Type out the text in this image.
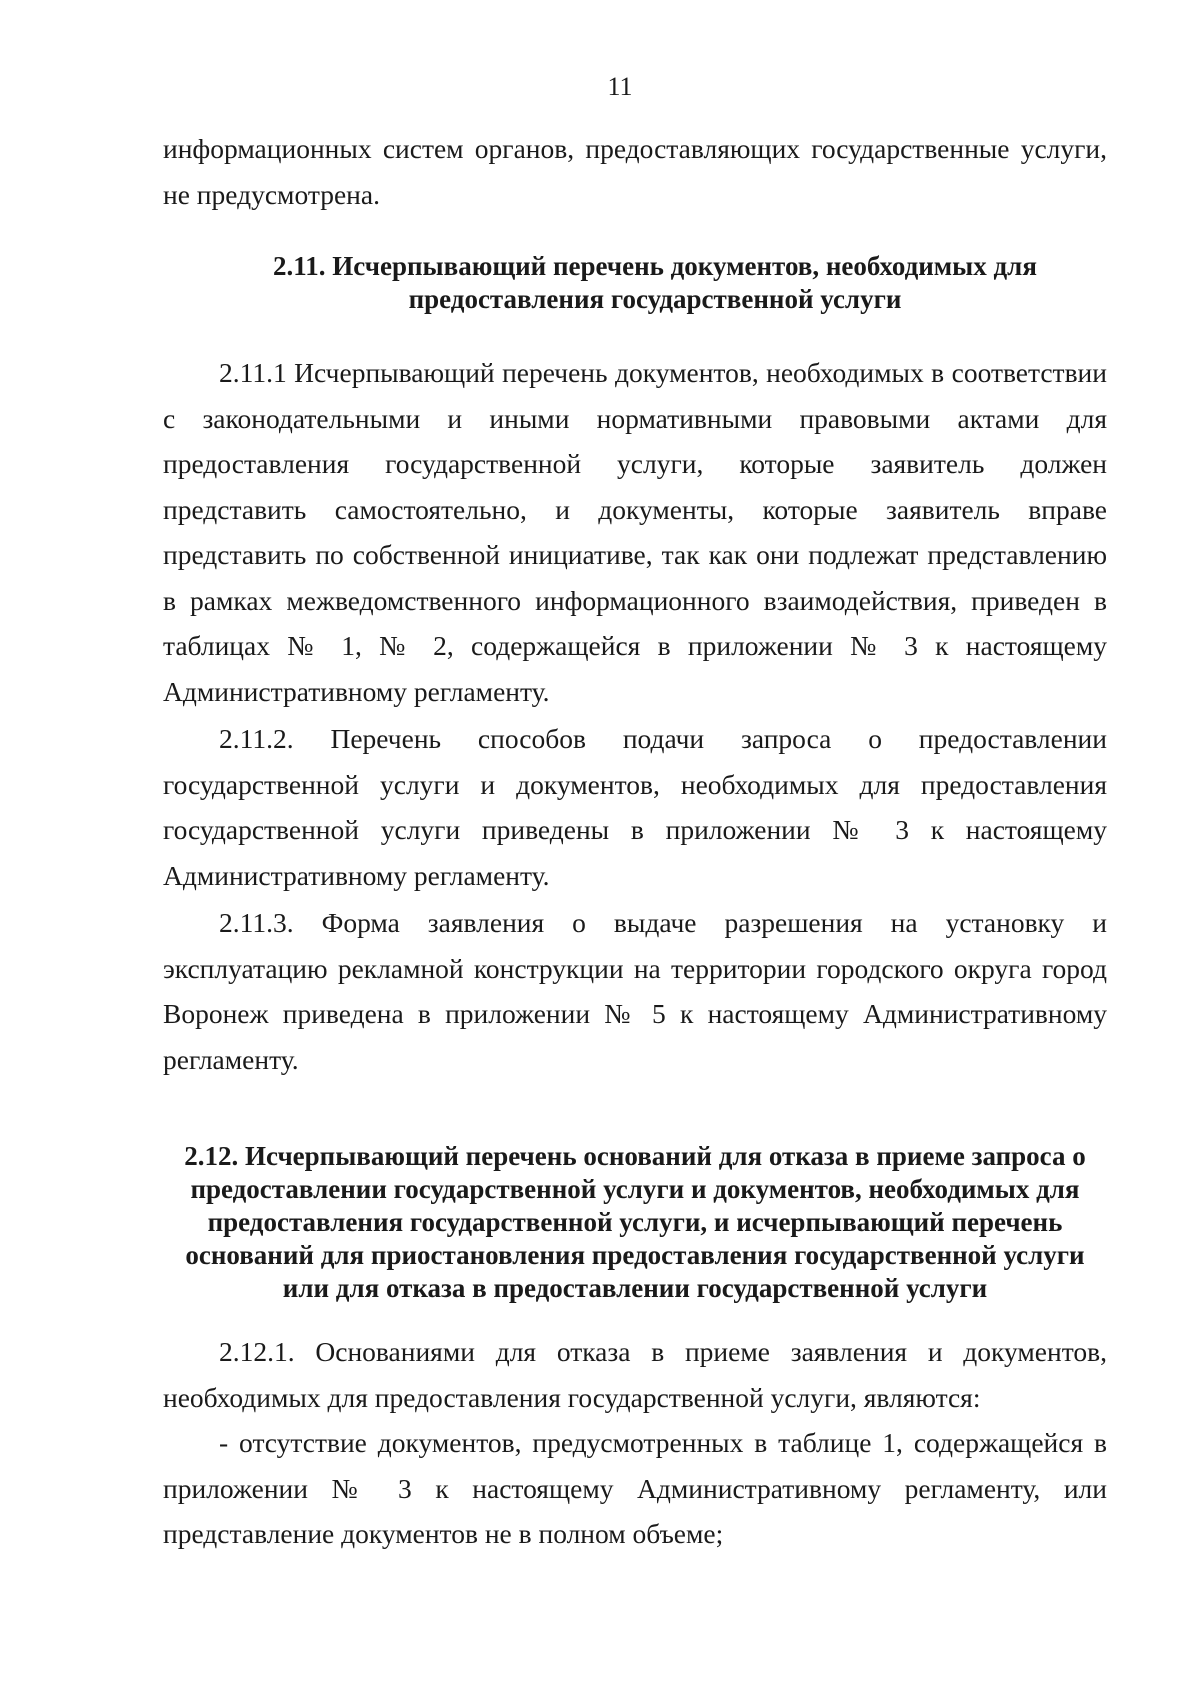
11

информационных систем органов, предоставляющих государственные услуги, не предусмотрена.

2.11. Исчерпывающий перечень документов, необходимых для предоставления государственной услуги

2.11.1 Исчерпывающий перечень документов, необходимых в соответствии с законодательными и иными нормативными правовыми актами для предоставления государственной услуги, которые заявитель должен представить самостоятельно, и документы, которые заявитель вправе представить по собственной инициативе, так как они подлежат представлению в рамках межведомственного информационного взаимодействия, приведен в таблицах № 1, № 2, содержащейся в приложении № 3 к настоящему Административному регламенту.

2.11.2. Перечень способов подачи запроса о предоставлении государственной услуги и документов, необходимых для предоставления государственной услуги приведены в приложении № 3 к настоящему Административному регламенту.

2.11.3. Форма заявления о выдаче разрешения на установку и эксплуатацию рекламной конструкции на территории городского округа город Воронеж приведена в приложении № 5 к настоящему Административному регламенту.

2.12. Исчерпывающий перечень оснований для отказа в приеме запроса о предоставлении государственной услуги и документов, необходимых для предоставления государственной услуги, и исчерпывающий перечень оснований для приостановления предоставления государственной услуги или для отказа в предоставлении государственной услуги

2.12.1. Основаниями для отказа в приеме заявления и документов, необходимых для предоставления государственной услуги, являются:

- отсутствие документов, предусмотренных в таблице 1, содержащейся в приложении № 3 к настоящему Административному регламенту, или представление документов не в полном объеме;
